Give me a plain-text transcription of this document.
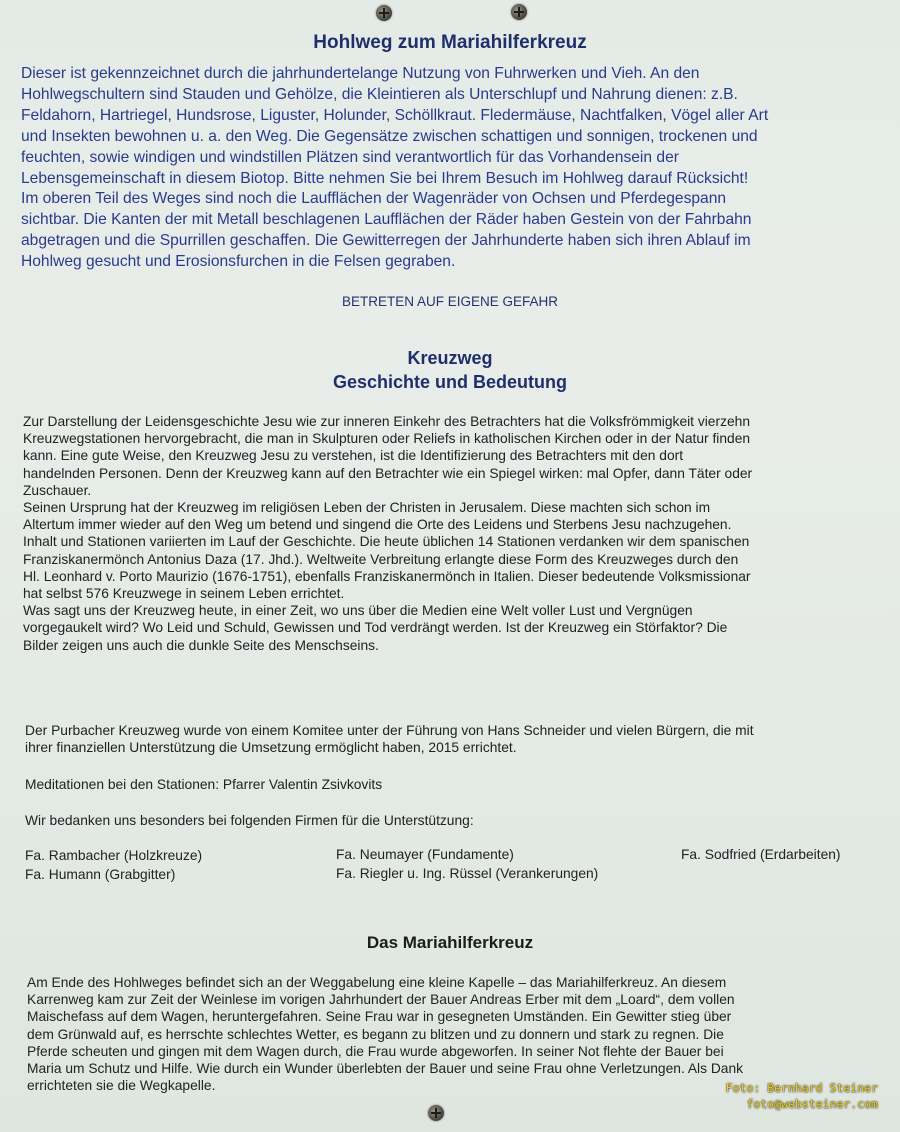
Hohlweg zum Mariahilferkreuz
Dieser ist gekennzeichnet durch die jahrhundertelange Nutzung von Fuhrwerken und Vieh. An den
Hohlwegschultern sind Stauden und Gehölze, die Kleintieren als Unterschlupf und Nahrung dienen: z.B.
Feldahorn, Hartriegel, Hundsrose, Liguster, Holunder, Schöllkraut. Fledermäuse, Nachtfalken, Vögel aller Art
und Insekten bewohnen u. a. den Weg. Die Gegensätze zwischen schattigen und sonnigen, trockenen und
feuchten, sowie windigen und windstillen Plätzen sind verantwortlich für das Vorhandensein der
Lebensgemeinschaft in diesem Biotop. Bitte nehmen Sie bei Ihrem Besuch im Hohlweg darauf Rücksicht!
Im oberen Teil des Weges sind noch die Laufflächen der Wagenräder von Ochsen und Pferdegespann
sichtbar. Die Kanten der mit Metall beschlagenen Laufflächen der Räder haben Gestein von der Fahrbahn
abgetragen und die Spurrillen geschaffen. Die Gewitterregen der Jahrhunderte haben sich ihren Ablauf im
Hohlweg gesucht und Erosionsfurchen in die Felsen gegraben.
BETRETEN AUF EIGENE GEFAHR
Kreuzweg
Geschichte und Bedeutung
Zur Darstellung der Leidensgeschichte Jesu wie zur inneren Einkehr des Betrachters hat die Volksfrömmigkeit vierzehn
Kreuzwegstationen hervorgebracht, die man in Skulpturen oder Reliefs in katholischen Kirchen oder in der Natur finden
kann. Eine gute Weise, den Kreuzweg Jesu zu verstehen, ist die Identifizierung des Betrachters mit den dort
handelnden Personen. Denn der Kreuzweg kann auf den Betrachter wie ein Spiegel wirken: mal Opfer, dann Täter oder
Zuschauer.
Seinen Ursprung hat der Kreuzweg im religiösen Leben der Christen in Jerusalem. Diese machten sich schon im
Altertum immer wieder auf den Weg um betend und singend die Orte des Leidens und Sterbens Jesu nachzugehen.
Inhalt und Stationen variierten im Lauf der Geschichte. Die heute üblichen 14 Stationen verdanken wir dem spanischen
Franziskanermönch Antonius Daza (17. Jhd.). Weltweite Verbreitung erlangte diese Form des Kreuzweges durch den
Hl. Leonhard v. Porto Maurizio (1676-1751), ebenfalls Franziskanermönch in Italien. Dieser bedeutende Volksmissionar
hat selbst 576 Kreuzwege in seinem Leben errichtet.
Was sagt uns der Kreuzweg heute, in einer Zeit, wo uns über die Medien eine Welt voller Lust und Vergnügen
vorgegaukelt wird? Wo Leid und Schuld, Gewissen und Tod verdrängt werden. Ist der Kreuzweg ein Störfaktor? Die
Bilder zeigen uns auch die dunkle Seite des Menschseins.
Der Purbacher Kreuzweg wurde von einem Komitee unter der Führung von Hans Schneider und vielen Bürgern, die mit
ihrer finanziellen Unterstützung die Umsetzung ermöglicht haben, 2015 errichtet.
Meditationen bei den Stationen: Pfarrer Valentin Zsivkovits
Wir bedanken uns besonders bei folgenden Firmen für die Unterstützung:
Fa. Rambacher (Holzkreuze)
Fa. Humann (Grabgitter)
Fa. Neumayer (Fundamente)
Fa. Riegler u. Ing. Rüssel (Verankerungen)
Fa. Sodfried (Erdarbeiten)
Das Mariahilferkreuz
Am Ende des Hohlweges befindet sich an der Weggabelung eine kleine Kapelle – das Mariahilferkreuz. An diesem
Karrenweg kam zur Zeit der Weinlese im vorigen Jahrhundert der Bauer Andreas Erber mit dem „Loard“, dem vollen
Maischefass auf dem Wagen, heruntergefahren. Seine Frau war in gesegneten Umständen. Ein Gewitter stieg über
dem Grünwald auf, es herrschte schlechtes Wetter, es begann zu blitzen und zu donnern und stark zu regnen. Die
Pferde scheuten und gingen mit dem Wagen durch, die Frau wurde abgeworfen. In seiner Not flehte der Bauer bei
Maria um Schutz und Hilfe. Wie durch ein Wunder überlebten der Bauer und seine Frau ohne Verletzungen. Als Dank
errichteten sie die Wegkapelle.	Foto: Bernhard Steiner
foto@websteiner.com
